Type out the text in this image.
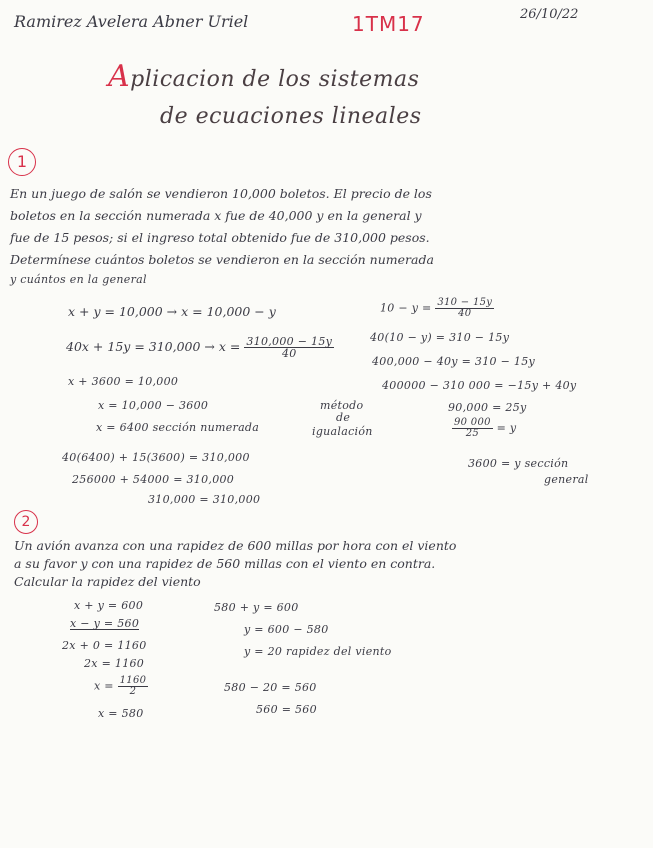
Ramirez Avelera Abner Uriel	1TM17	26/10/22
Aplicacion de los sistemas
de ecuaciones lineales
1
En un juego de salón se vendieron 10,000 boletos. El precio de los
boletos en la sección numerada x fue de 40,000 y en la general y
fue de 15 pesos; si el ingreso total obtenido fue de 310,000 pesos.
Determínese cuántos boletos se vendieron en la sección numerada
y cuántos en la general
x + y = 10,000 → x = 10,000 − y
$40x + 15y = 310,000 \to x = \frac{310,000 - 15y}{40}$
x + 3600 = 10,000
x = 10,000 − 3600
x = 6400 sección numerada
40(6400) + 15(3600) = 310,000
256000 + 54000 = 310,000
310,000 = 310,000
método
de
igualación
$10 - y = \frac{310 - 15y}{40}$
40(10 − y) = 310 − 15y
400,000 − 40y = 310 − 15y
400000 − 310 000 = −15y + 40y
90,000 = 25y
$\frac{90 000}{25} = y$
3600 = y sección
general
2
Un avión avanza con una rapidez de 600 millas por hora con el viento
a su favor y con una rapidez de 560 millas con el viento en contra.
Calcular la rapidez del viento
x + y = 600
x − y = 560
2x + 0 = 1160
2x = 1160
$x = \frac{1160}{2}$
x = 580
580 + y = 600
y = 600 − 580
y = 20 rapidez del viento
580 − 20 = 560
560 = 560
